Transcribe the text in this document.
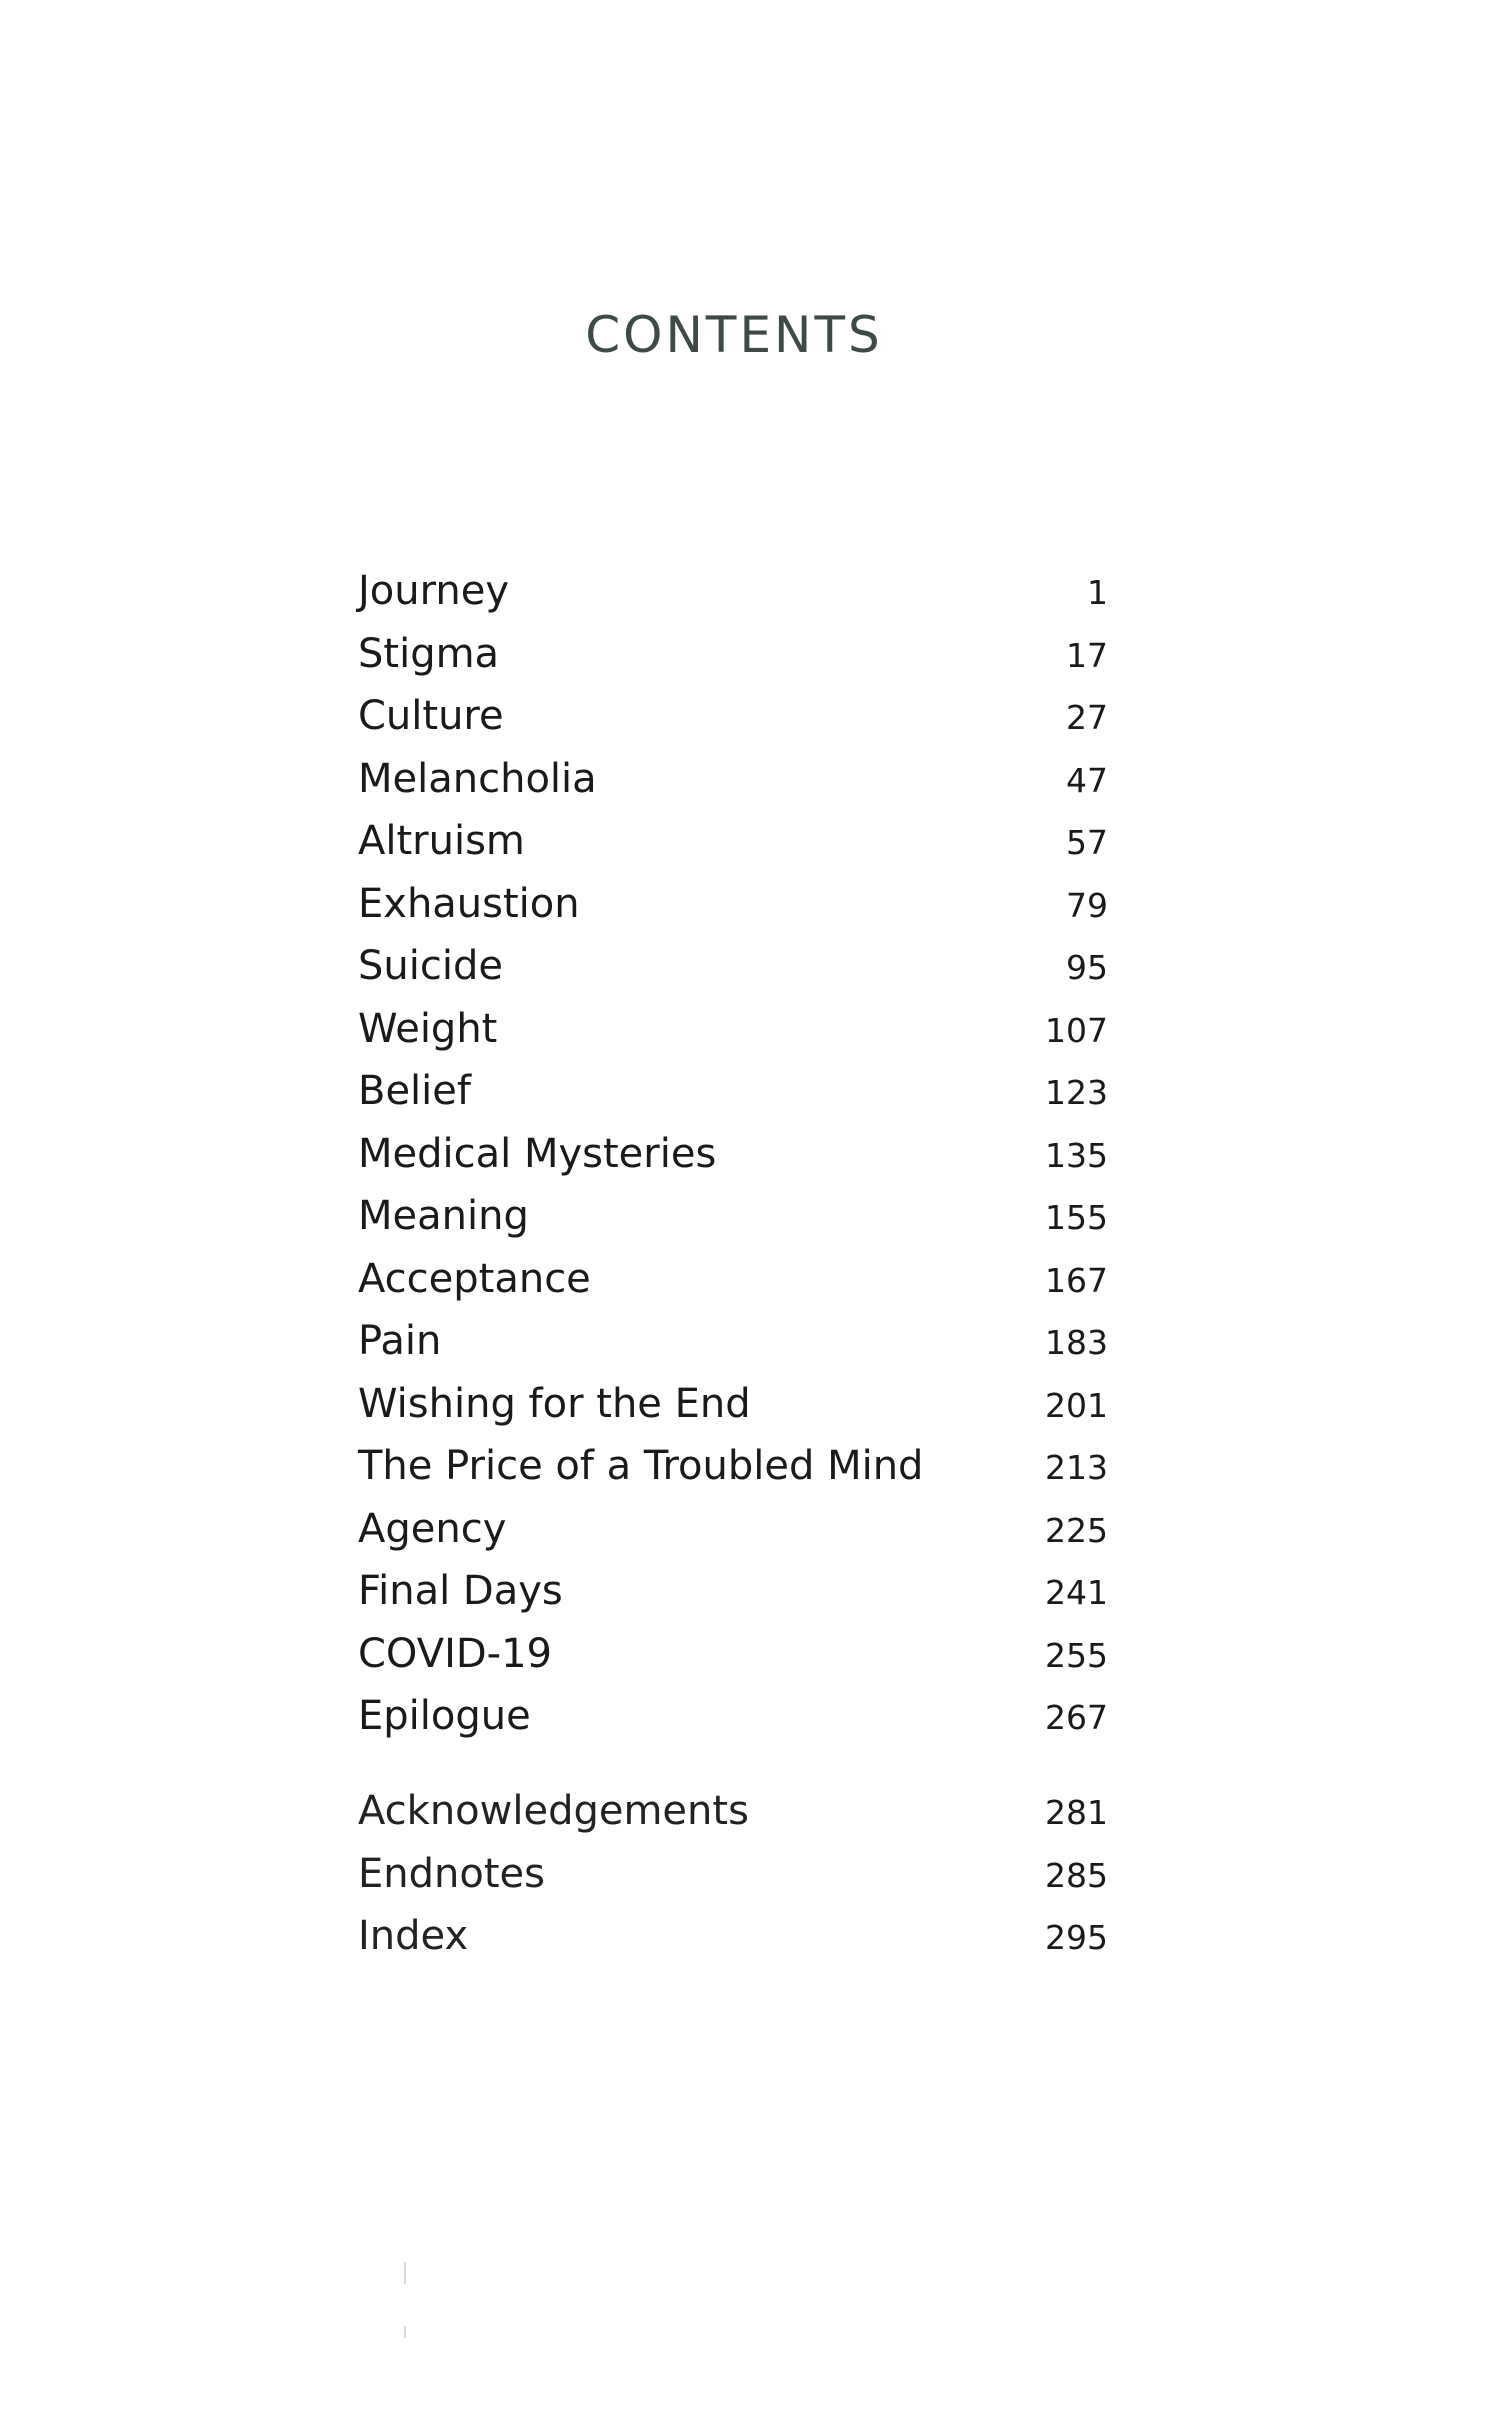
CONTENTS
Journey	1
Stigma	17
Culture	27
Melancholia	47
Altruism	57
Exhaustion	79
Suicide	95
Weight	107
Belief	123
Medical Mysteries	135
Meaning	155
Acceptance	167
Pain	183
Wishing for the End	201
The Price of a Troubled Mind	213
Agency	225
Final Days	241
COVID-19	255
Epilogue	267
Acknowledgements	281
Endnotes	285
Index	295
